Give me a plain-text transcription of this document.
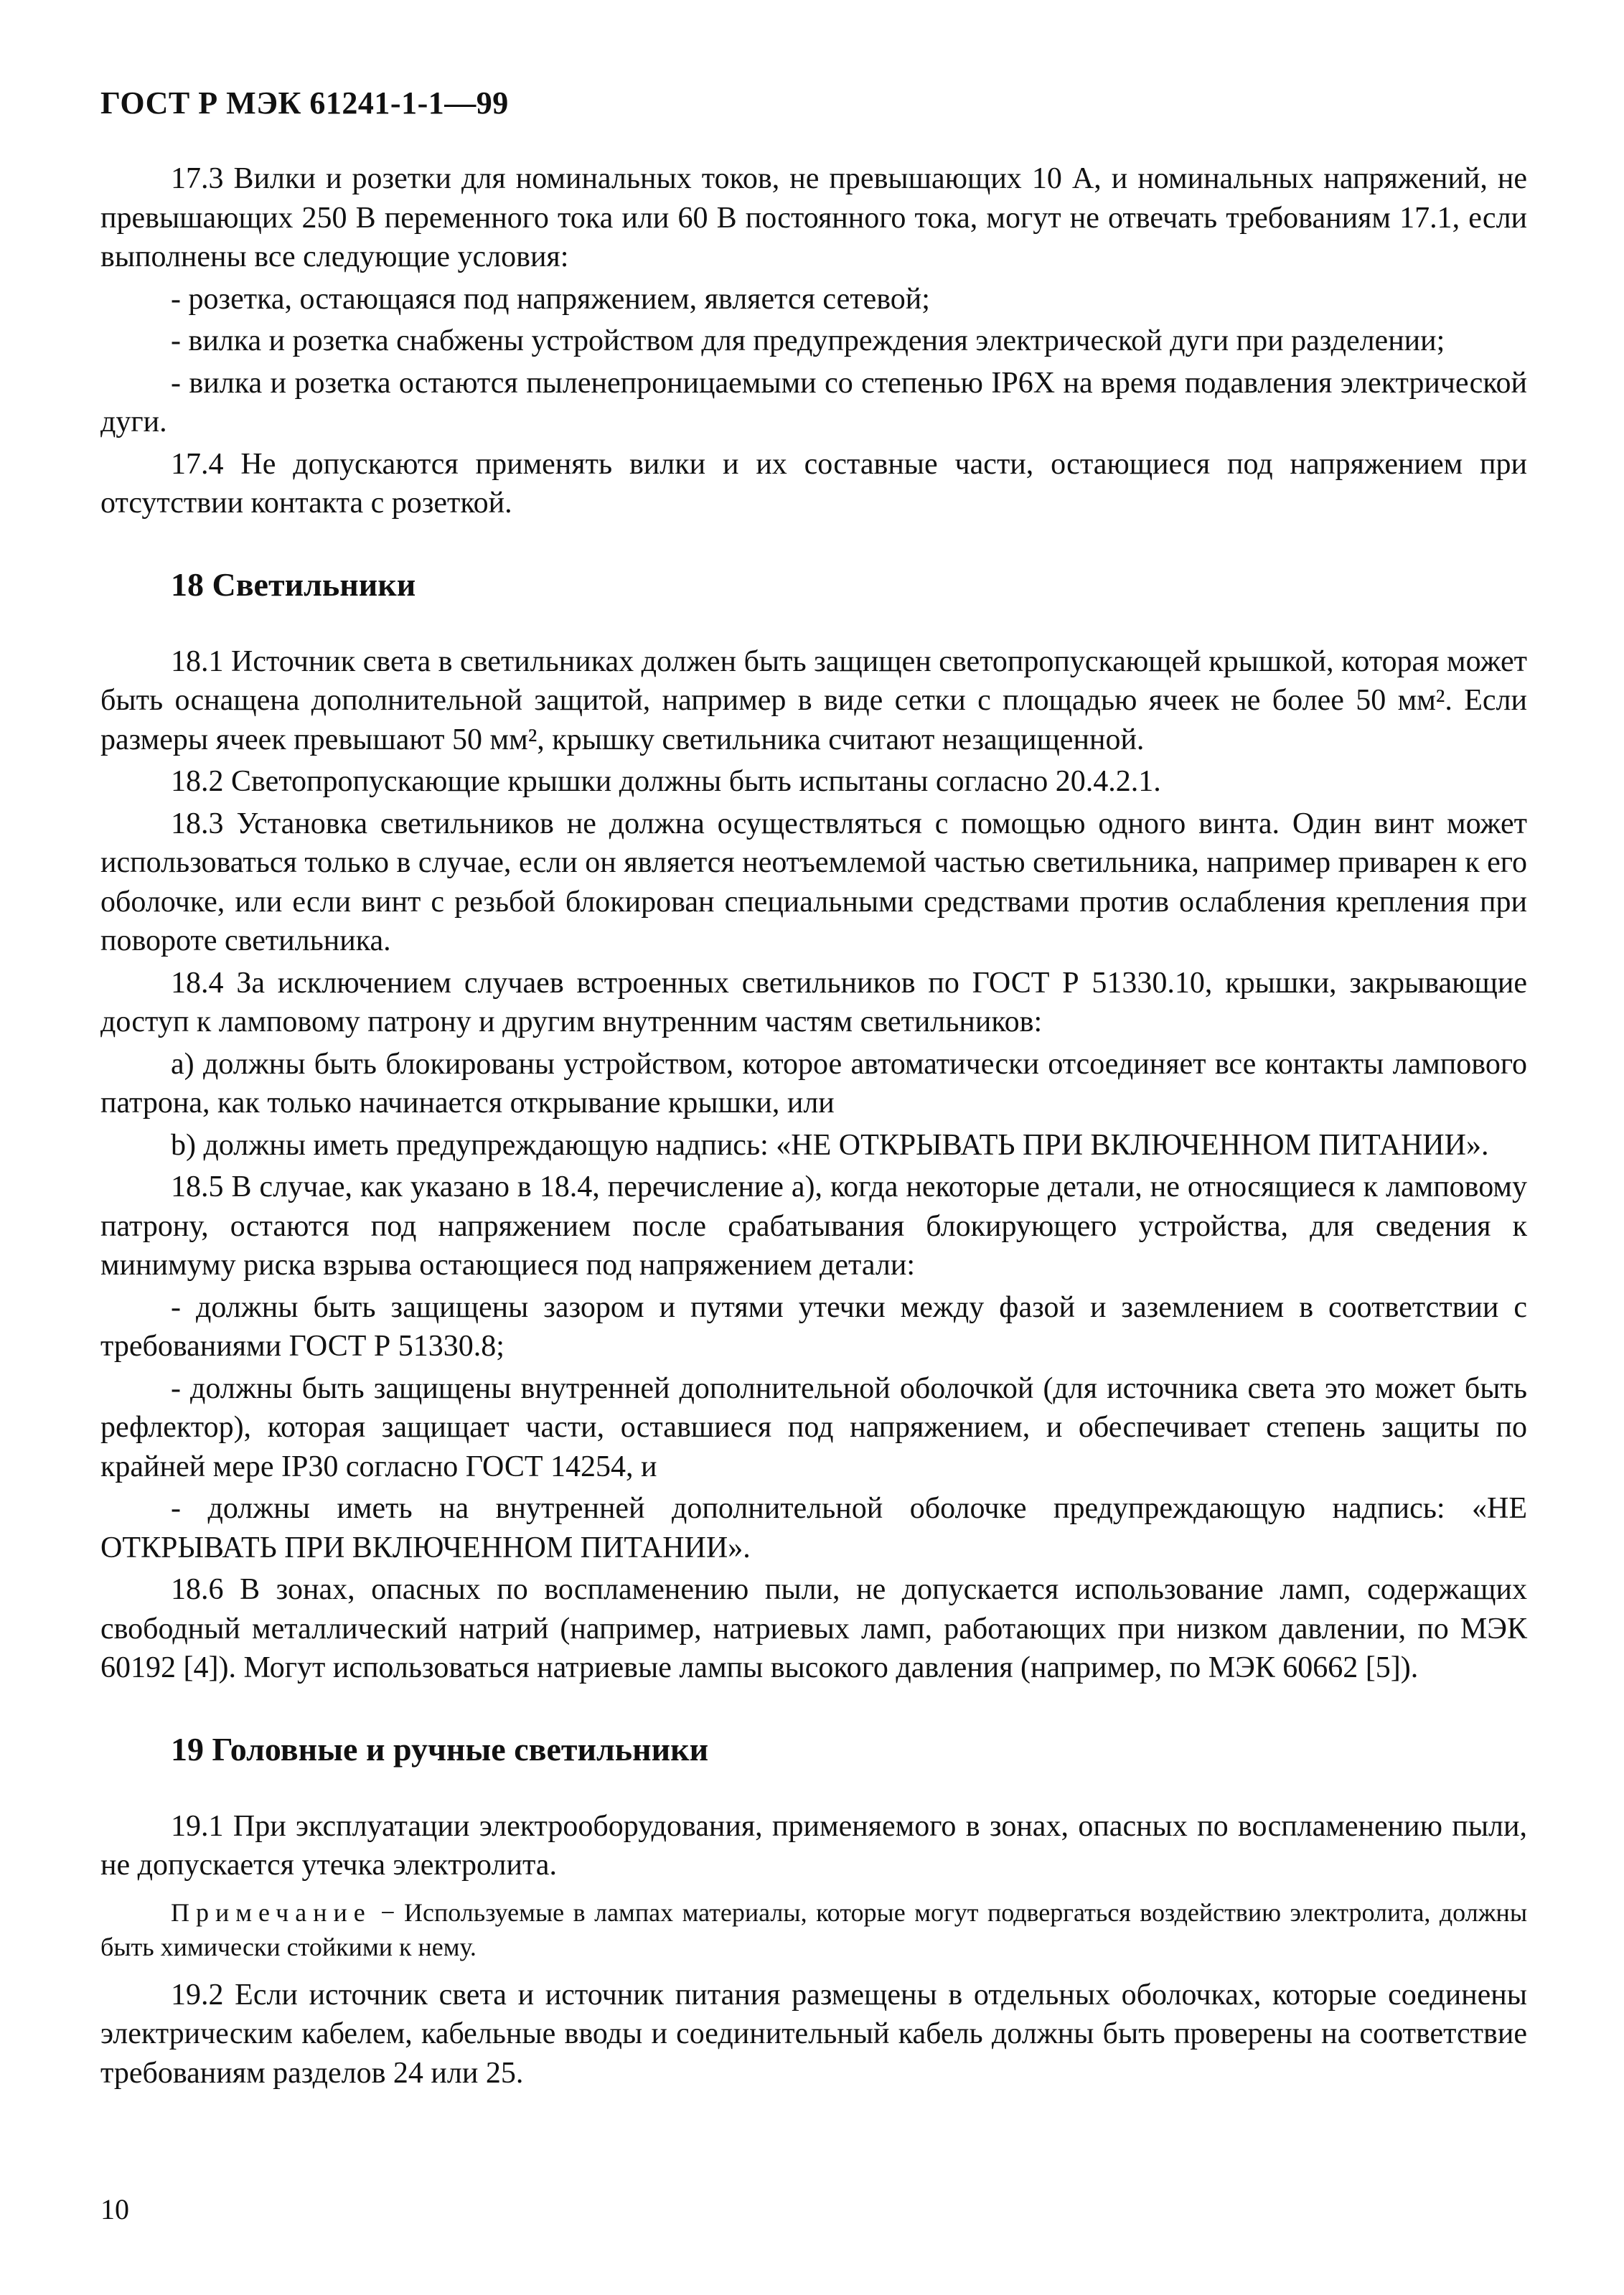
ГОСТ Р МЭК 61241-1-1—99

17.3 Вилки и розетки для номинальных токов, не превышающих 10 А, и номинальных напряжений, не превышающих 250 В переменного тока или 60 В постоянного тока, могут не отвечать требованиям 17.1, если выполнены все следующие условия:

- розетка, остающаяся под напряжением, является сетевой;

- вилка и розетка снабжены устройством для предупреждения электрической дуги при разделении;

- вилка и розетка остаются пыленепроницаемыми со степенью IP6X на время подавления электрической дуги.

17.4 Не допускаются применять вилки и их составные части, остающиеся под напряжением при отсутствии контакта с розеткой.

18 Светильники

18.1 Источник света в светильниках должен быть защищен светопропускающей крышкой, которая может быть оснащена дополнительной защитой, например в виде сетки с площадью ячеек не более 50 мм². Если размеры ячеек превышают 50 мм², крышку светильника считают незащищенной.

18.2 Светопропускающие крышки должны быть испытаны согласно 20.4.2.1.

18.3 Установка светильников не должна осуществляться с помощью одного винта. Один винт может использоваться только в случае, если он является неотъемлемой частью светильника, например приварен к его оболочке, или если винт с резьбой блокирован специальными средствами против ослабления крепления при повороте светильника.

18.4 За исключением случаев встроенных светильников по ГОСТ Р 51330.10, крышки, закрывающие доступ к ламповому патрону и другим внутренним частям светильников:

а) должны быть блокированы устройством, которое автоматически отсоединяет все контакты лампового патрона, как только начинается открывание крышки, или

b) должны иметь предупреждающую надпись: «НЕ ОТКРЫВАТЬ ПРИ ВКЛЮЧЕННОМ ПИТАНИИ».

18.5 В случае, как указано в 18.4, перечисление а), когда некоторые детали, не относящиеся к ламповому патрону, остаются под напряжением после срабатывания блокирующего устройства, для сведения к минимуму риска взрыва остающиеся под напряжением детали:

- должны быть защищены зазором и путями утечки между фазой и заземлением в соответствии с требованиями ГОСТ Р 51330.8;

- должны быть защищены внутренней дополнительной оболочкой (для источника света это может быть рефлектор), которая защищает части, оставшиеся под напряжением, и обеспечивает степень защиты по крайней мере IP30 согласно ГОСТ 14254, и

- должны иметь на внутренней дополнительной оболочке предупреждающую надпись: «НЕ ОТКРЫВАТЬ ПРИ ВКЛЮЧЕННОМ ПИТАНИИ».

18.6 В зонах, опасных по воспламенению пыли, не допускается использование ламп, содержащих свободный металлический натрий (например, натриевых ламп, работающих при низком давлении, по МЭК 60192 [4]). Могут использоваться натриевые лампы высокого давления (например, по МЭК 60662 [5]).

19 Головные и ручные светильники

19.1 При эксплуатации электрооборудования, применяемого в зонах, опасных по воспламенению пыли, не допускается утечка электролита.

Примечание − Используемые в лампах материалы, которые могут подвергаться воздействию электролита, должны быть химически стойкими к нему.

19.2 Если источник света и источник питания размещены в отдельных оболочках, которые соединены электрическим кабелем, кабельные вводы и соединительный кабель должны быть проверены на соответствие требованиям разделов 24 или 25.

10
